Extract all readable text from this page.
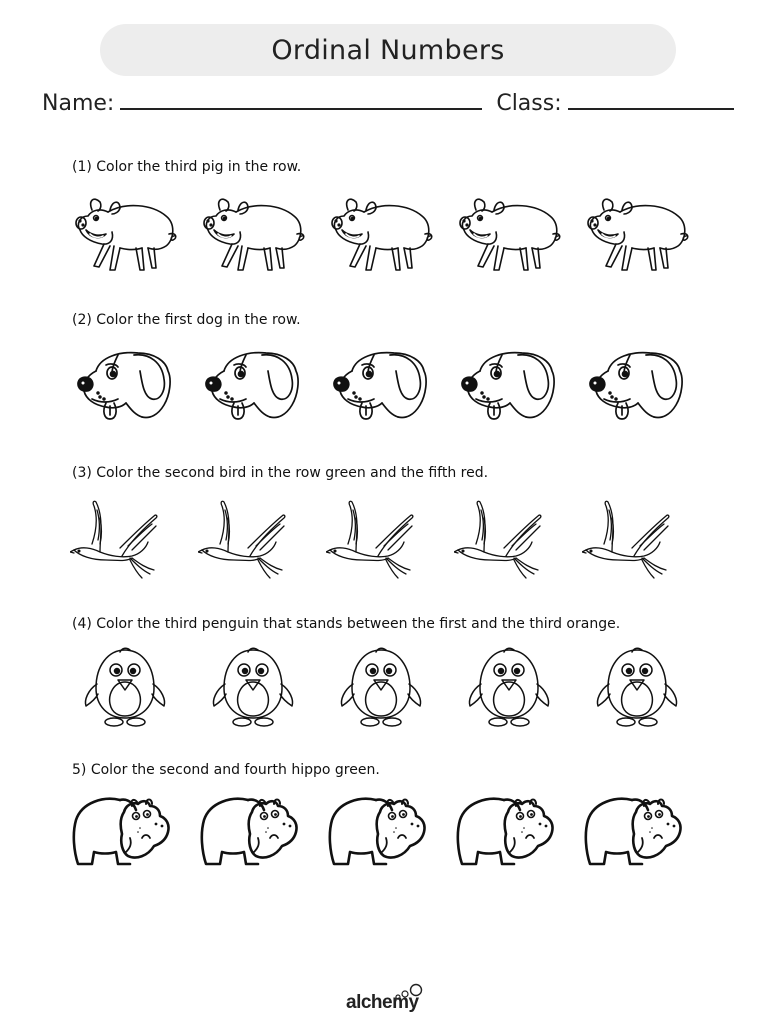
Ordinal Numbers
Name:	Class:
(1) Color the third pig in the row.
(2) Color the first dog in the row.
(3) Color the second bird in the row green and the fifth red.
(4) Color the third penguin that stands between the first and the third orange.
5) Color the second and fourth hippo green.
alchemy
